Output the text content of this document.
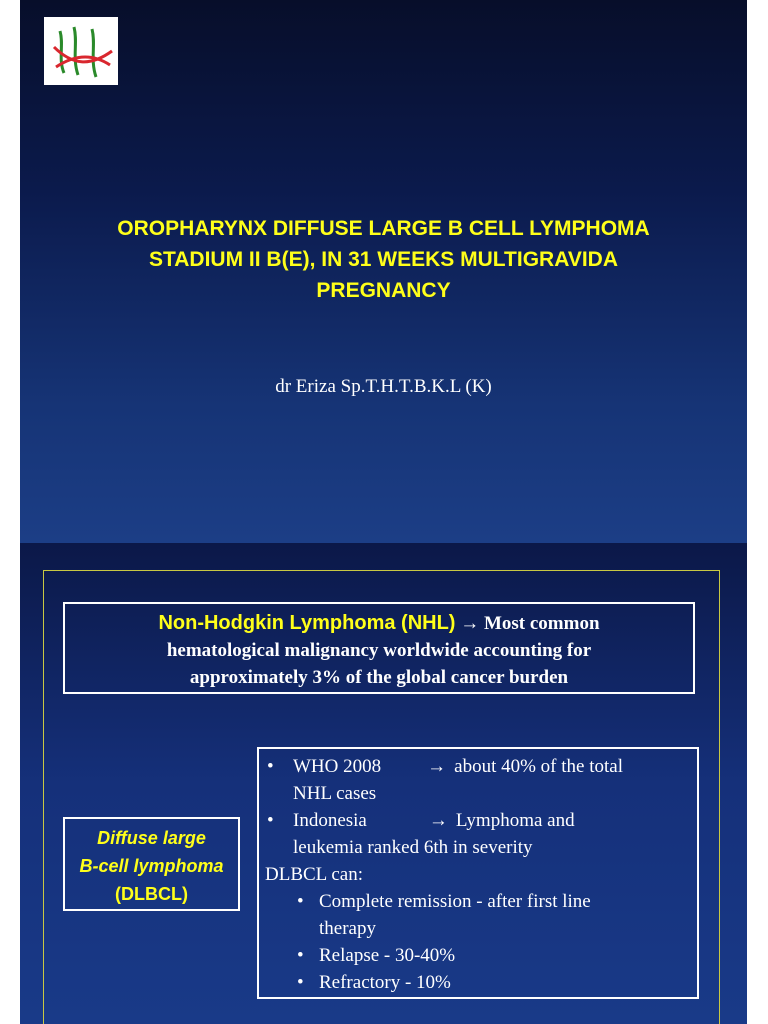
OROPHARYNX DIFFUSE LARGE B CELL LYMPHOMA
STADIUM II B(E), IN 31 WEEKS MULTIGRAVIDA
PREGNANCY
dr Eriza Sp.T.H.T.B.K.L (K)
Non-Hodgkin Lymphoma (NHL) → Most common
hematological malignancy worldwide accounting for
approximately 3% of the global cancer burden
Diffuse large
B-cell lymphoma
(DLBCL)
• WHO 2008 → about 40% of the total
NHL cases
• Indonesia	→ Lymphoma and
leukemia ranked 6th in severity
DLBCL can:
• Complete remission - after first line
therapy
• Relapse - 30-40%
• Refractory - 10%
